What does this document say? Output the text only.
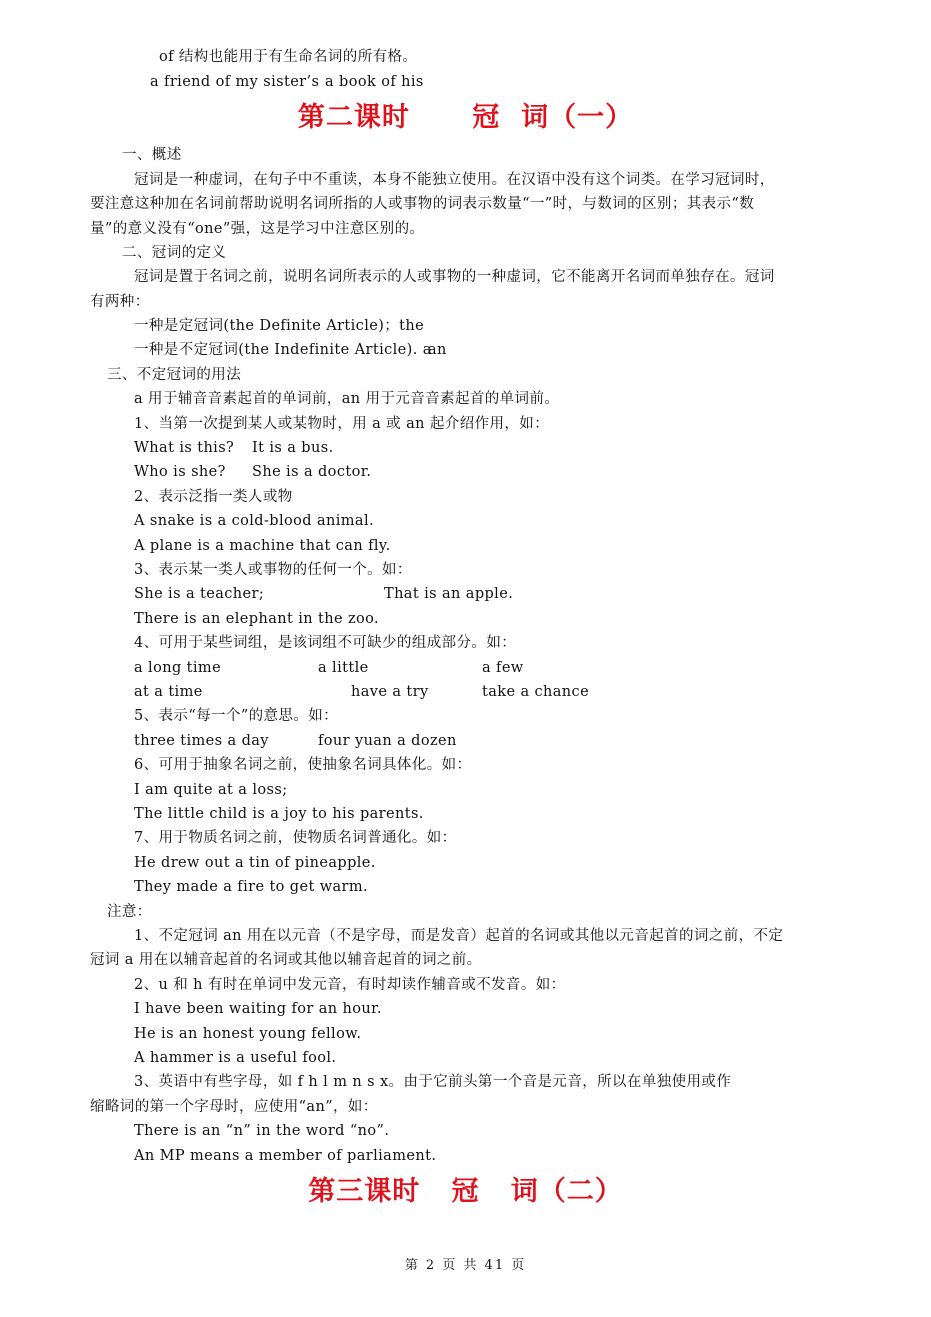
of 结构也能用于有生命名词的所有格。
a friend of my sister’s a book of his
第二课时      冠  词（一）
一、概述
冠词是一种虚词，在句子中不重读，本身不能独立使用。在汉语中没有这个词类。在学习冠词时，
要注意这种加在名词前帮助说明名词所指的人或事物的词表示数量“一”时，与数词的区别；其表示“数
量”的意义没有“one”强，这是学习中注意区别的。
二、冠词的定义
冠词是置于名词之前，说明名词所表示的人或事物的一种虚词，它不能离开名词而单独存在。冠词
有两种：
一种是定冠词(the Definite Article)；the
一种是不定冠词(the Indefinite Article). a
an
三、不定冠词的用法
a 用于辅音音素起首的单词前，an 用于元音音素起首的单词前。
1、当第一次提到某人或某物时，用 a 或 an 起介绍作用，如：
What is this? It is a bus.
Who is she? She is a doctor.
2、表示泛指一类人或物
A snake is a cold-blood animal.
A plane is a machine that can fly.
3、表示某一类人或事物的任何一个。如：
She is a teacher;	That is an apple.
There is an elephant in the zoo.
4、可用于某些词组，是该词组不可缺少的组成部分。如：
a long time	a little	a few
at a time	have a try	take a chance
5、表示“每一个”的意思。如：
three times a day	four yuan a dozen
6、可用于抽象名词之前，使抽象名词具体化。如：
I am quite at a loss;
The little child is a joy to his parents.
7、用于物质名词之前，使物质名词普通化。如：
He drew out a tin of pineapple.
They made a fire to get warm.
注意：
1、不定冠词 an 用在以元音（不是字母，而是发音）起首的名词或其他以元音起首的词之前，不定
冠词 a 用在以辅音起首的名词或其他以辅音起首的词之前。
2、u 和 h 有时在单词中发元音，有时却读作辅音或不发音。如：
I have been waiting for an hour.
He is an honest young fellow.
A hammer is a useful fool.
3、英语中有些字母，如 f h l m n s x。由于它前头第一个音是元音，所以在单独使用或作
缩略词的第一个字母时，应使用“an”，如：
There is an “n” in the word “no”.
An MP means a member of parliament.
第三课时   冠   词（二）
第 2 页 共 41 页
